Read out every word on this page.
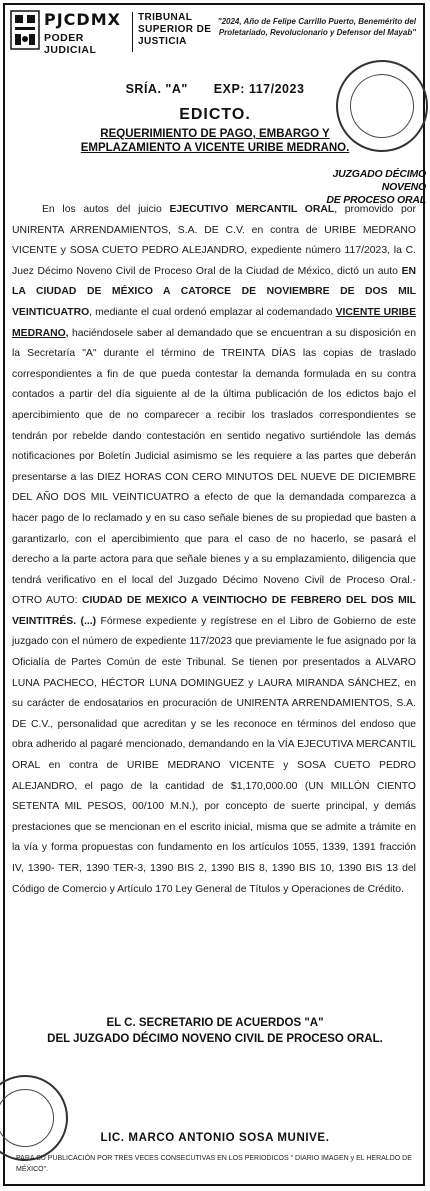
PJCDMX
PODER JUDICIAL
TRIBUNAL
SUPERIOR DE
JUSTICIA
"2024, Año de Felipe Carrillo Puerto, Benemérito del Proletariado, Revolucionario y Defensor del Mayab"
SRÍA. "A" EXP: 117/2023
EDICTO.
REQUERIMIENTO DE PAGO, EMBARGO Y EMPLAZAMIENTO A VICENTE URIBE MEDRANO.
JUZGADO DÉCIMO NOVENO
DE PROCESO ORAL
En los autos del juicio EJECUTIVO MERCANTIL ORAL, promovido por UNIRENTA ARRENDAMIENTOS, S.A. DE C.V. en contra de URIBE MEDRANO VICENTE y SOSA CUETO PEDRO ALEJANDRO, expediente número 117/2023, la C. Juez Décimo Noveno Civil de Proceso Oral de la Ciudad de México, dictó un auto EN LA CIUDAD DE MÉXICO A CATORCE DE NOVIEMBRE DE DOS MIL VEINTICUATRO, mediante el cual ordenó emplazar al codemandado VICENTE URIBE MEDRANO, haciéndosele saber al demandado que se encuentran a su disposición en la Secretaría "A" durante el término de TREINTA DÍAS las copias de traslado correspondientes a fin de que pueda contestar la demanda formulada en su contra contados a partir del día siguiente al de la última publicación de los edictos bajo el apercibimiento que de no comparecer a recibir los traslados correspondientes se tendrán por rebelde dando contestación en sentido negativo surtiéndole las demás notificaciones por Boletín Judicial asimismo se les requiere a las partes que deberán presentarse a las DIEZ HORAS CON CERO MINUTOS DEL NUEVE DE DICIEMBRE DEL AÑO DOS MIL VEINTICUATRO a efecto de que la demandada comparezca a hacer pago de lo reclamado y en su caso señale bienes de su propiedad que basten a garantizarlo, con el apercibimiento que para el caso de no hacerlo, se pasará el derecho a la parte actora para que señale bienes y a su emplazamiento, diligencia que tendrá verificativo en el local del Juzgado Décimo Noveno Civil de Proceso Oral.- OTRO AUTO: CIUDAD DE MEXICO A VEINTIOCHO DE FEBRERO DEL DOS MIL VEINTITRÉS. (...) Fórmese expediente y regístrese en el Libro de Gobierno de este juzgado con el número de expediente 117/2023 que previamente le fue asignado por la Oficialía de Partes Común de este Tribunal. Se tienen por presentados a ALVARO LUNA PACHECO, HÉCTOR LUNA DOMINGUEZ y LAURA MIRANDA SÁNCHEZ, en su carácter de endosatarios en procuración de UNIRENTA ARRENDAMIENTOS, S.A. DE C.V., personalidad que acreditan y se les reconoce en términos del endoso que obra adherido al pagaré mencionado, demandando en la VÍA EJECUTIVA MERCANTIL ORAL en contra de URIBE MEDRANO VICENTE y SOSA CUETO PEDRO ALEJANDRO, el pago de la cantidad de $1,170,000.00 (UN MILLÓN CIENTO SETENTA MIL PESOS, 00/100 M.N.), por concepto de suerte principal, y demás prestaciones que se mencionan en el escrito inicial, misma que se admite a trámite en la vía y forma propuestas con fundamento en los artículos 1055, 1339, 1391 fracción IV, 1390- TER, 1390 TER-3, 1390 BIS 2, 1390 BIS 8, 1390 BIS 10, 1390 BIS 13 del Código de Comercio y Artículo 170 Ley General de Títulos y Operaciones de Crédito.
EL C. SECRETARIO DE ACUERDOS "A"
DEL JUZGADO DÉCIMO NOVENO CIVIL DE PROCESO ORAL.
LIC. MARCO ANTONIO SOSA MUNIVE.
PARA SU PUBLICACIÓN POR TRES VECES CONSECUTIVAS EN LOS PERIODICOS " DIARIO IMAGEN y EL HERALDO DE MÉXICO".
